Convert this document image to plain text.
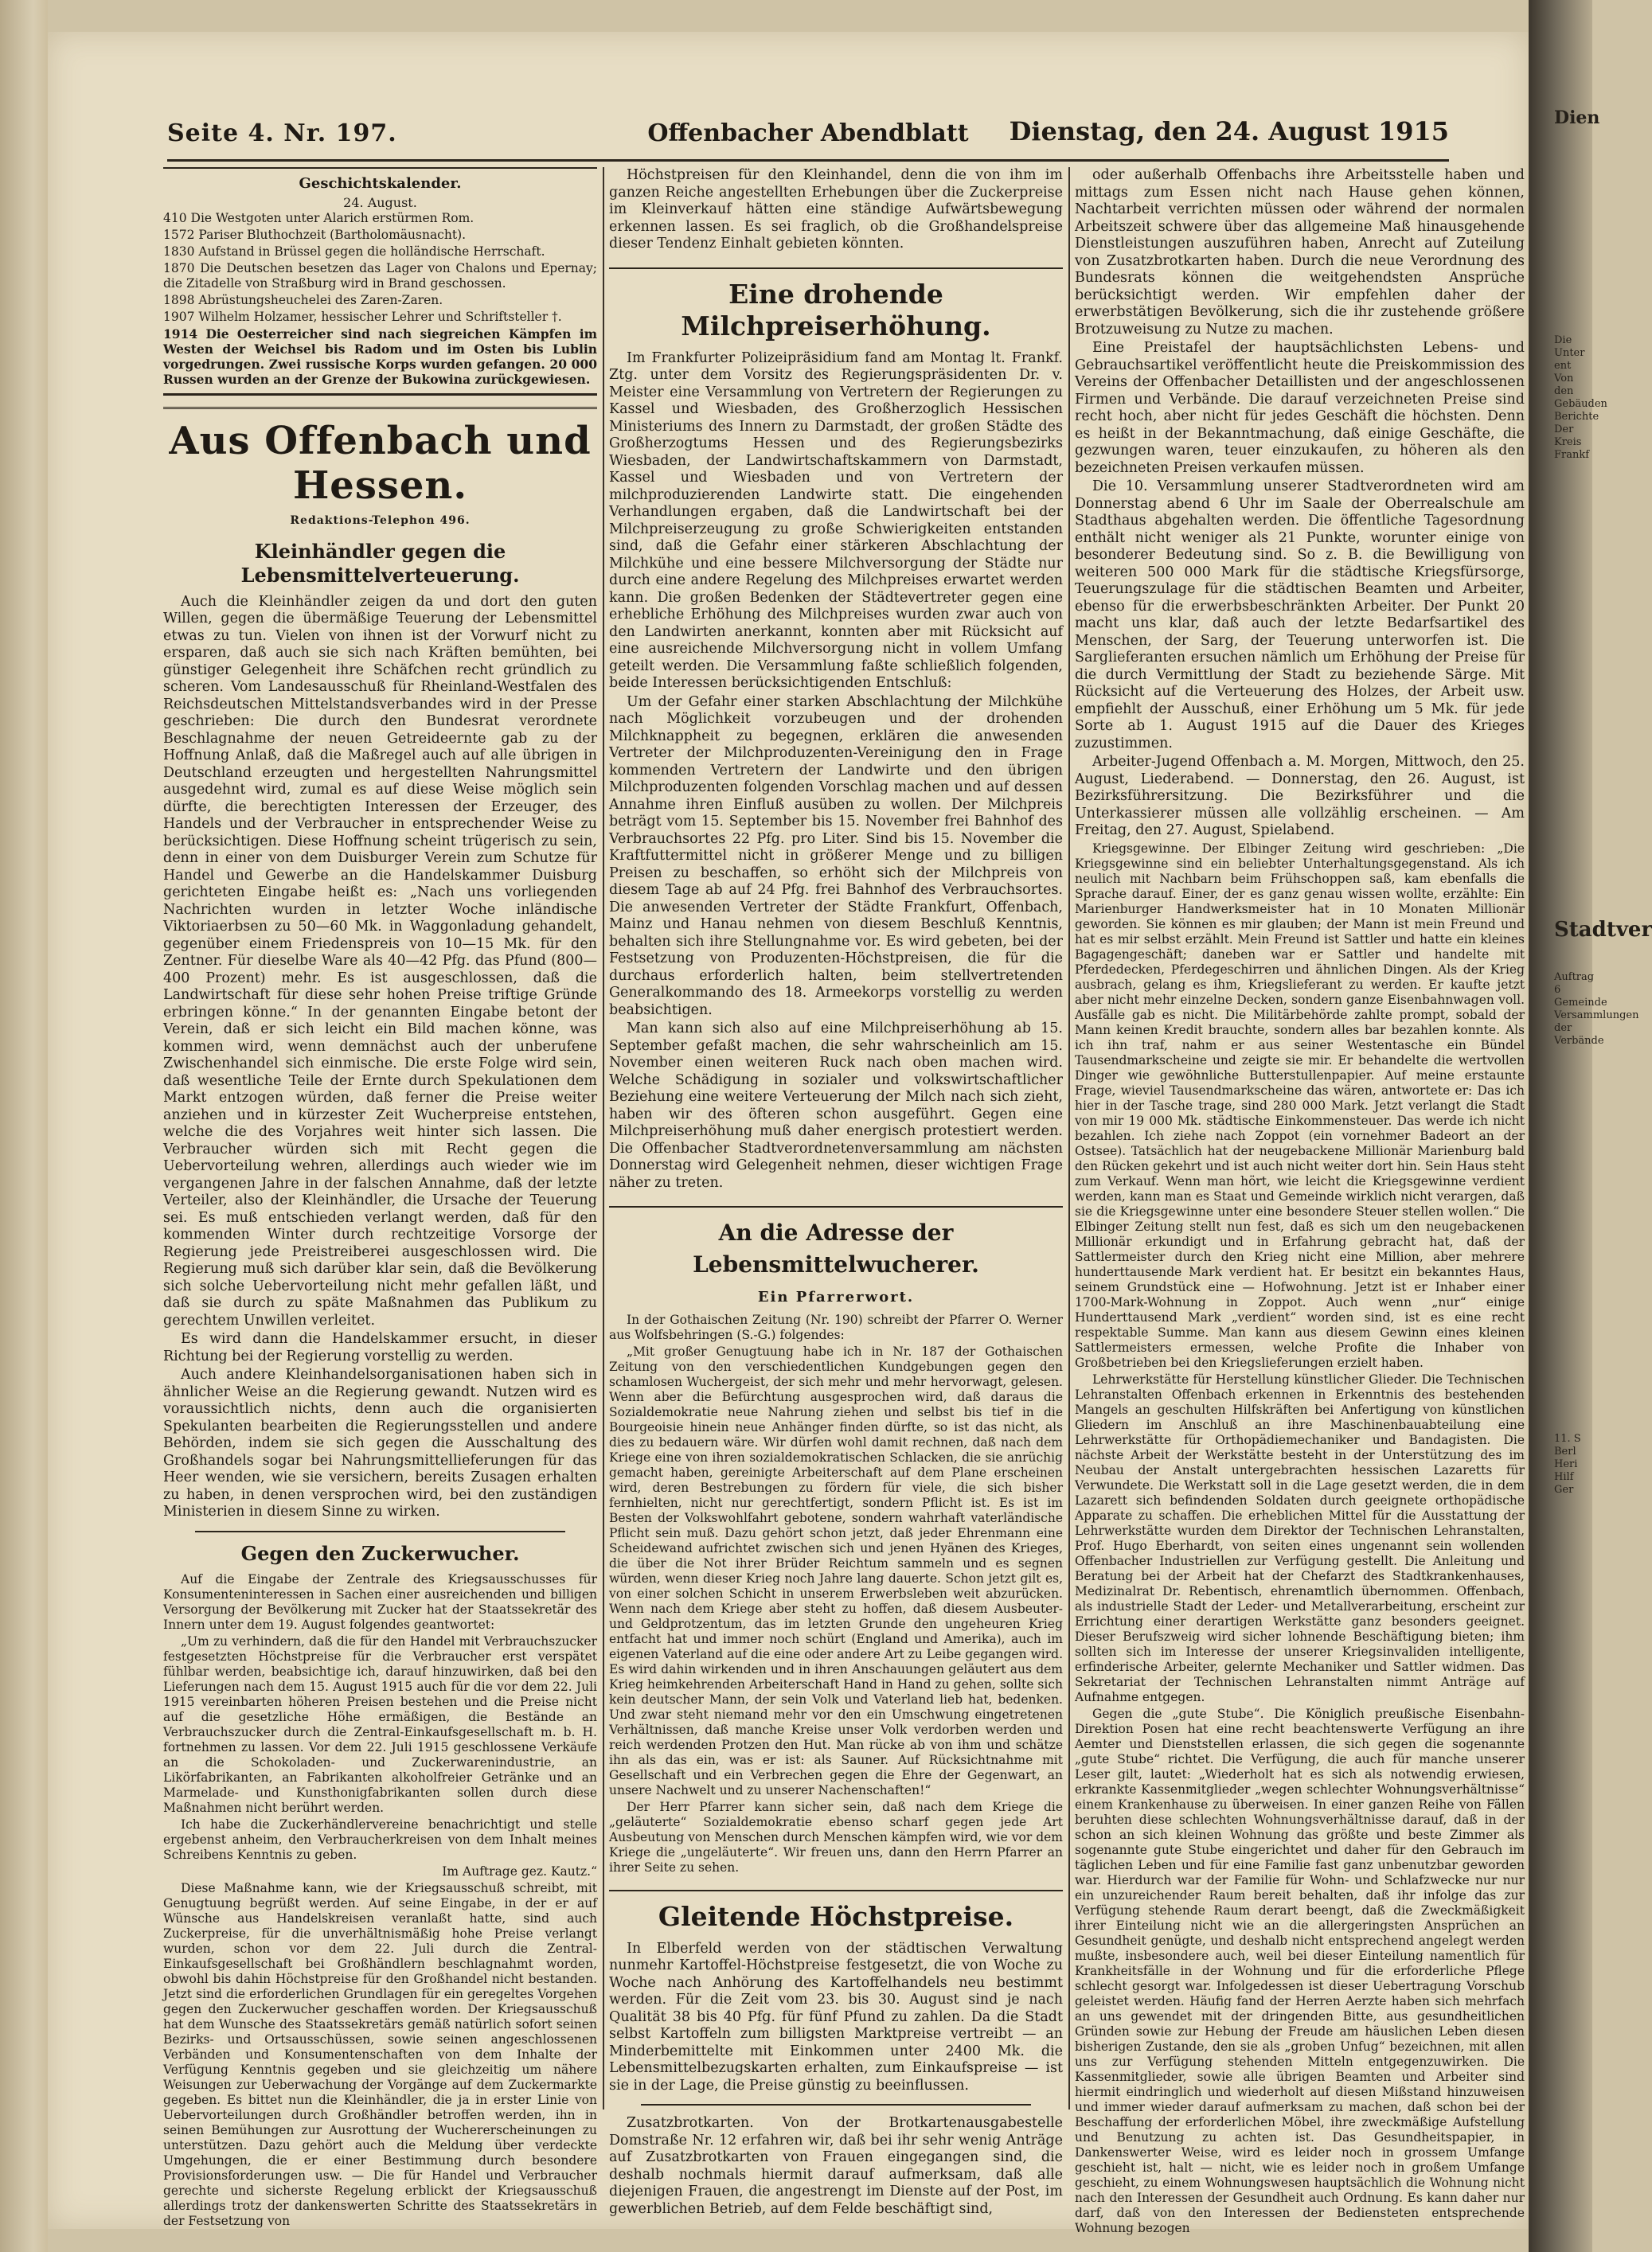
Dien
Die Unter ent Von den Gebäuden Berichte Der Kreis Frankf
Stadtver
Auftrag 6 Gemeinde Versammlungen der Verbände
11. S Berl Heri Hilf Ger
Seite 4. Nr. 197.	Offenbacher Abendblatt	Dienstag, den 24. August 1915
Geschichtskalender.
24. August.

410 Die Westgoten unter Alarich erstürmen Rom.

1572 Pariser Bluthochzeit (Bartholomäusnacht).

1830 Aufstand in Brüssel gegen die holländische Herrschaft.

1870 Die Deutschen besetzen das Lager von Chalons und Epernay; die Zitadelle von Straßburg wird in Brand geschossen.

1898 Abrüstungsheuchelei des Zaren-Zaren.

1907 Wilhelm Holzamer, hessischer Lehrer und Schriftsteller †.

1914 Die Oesterreicher sind nach siegreichen Kämpfen im Westen der Weichsel bis Radom und im Osten bis Lublin vorgedrungen. Zwei russische Korps wurden gefangen. 20 000 Russen wurden an der Grenze der Bukowina zurückgewiesen.

Aus Offenbach und Hessen.
Redaktions-Telephon 496.
Kleinhändler gegen die Lebensmittelverteuerung.

Auch die Kleinhändler zeigen da und dort den guten Willen, gegen die übermäßige Teuerung der Lebensmittel etwas zu tun. Vielen von ihnen ist der Vorwurf nicht zu ersparen, daß auch sie sich nach Kräften bemühten, bei günstiger Gelegenheit ihre Schäfchen recht gründlich zu scheren. Vom Landesausschuß für Rheinland-Westfalen des Reichsdeutschen Mittelstandsverbandes wird in der Presse geschrieben: Die durch den Bundesrat verordnete Beschlagnahme der neuen Getreideernte gab zu der Hoffnung Anlaß, daß die Maßregel auch auf alle übrigen in Deutschland erzeugten und hergestellten Nahrungsmittel ausgedehnt wird, zumal es auf diese Weise möglich sein dürfte, die berechtigten Interessen der Erzeuger, des Handels und der Verbraucher in entsprechender Weise zu berücksichtigen. Diese Hoffnung scheint trügerisch zu sein, denn in einer von dem Duisburger Verein zum Schutze für Handel und Gewerbe an die Handelskammer Duisburg gerichteten Eingabe heißt es: „Nach uns vorliegenden Nachrichten wurden in letzter Woche inländische Viktoriaerbsen zu 50—60 Mk. in Waggonladung gehandelt, gegenüber einem Friedenspreis von 10—15 Mk. für den Zentner. Für dieselbe Ware als 40—42 Pfg. das Pfund (800—400 Prozent) mehr. Es ist ausgeschlossen, daß die Landwirtschaft für diese sehr hohen Preise triftige Gründe erbringen könne.“ In der genannten Eingabe betont der Verein, daß er sich leicht ein Bild machen könne, was kommen wird, wenn demnächst auch der unberufene Zwischenhandel sich einmische. Die erste Folge wird sein, daß wesentliche Teile der Ernte durch Spekulationen dem Markt entzogen würden, daß ferner die Preise weiter anziehen und in kürzester Zeit Wucherpreise entstehen, welche die des Vorjahres weit hinter sich lassen. Die Verbraucher würden sich mit Recht gegen die Uebervorteilung wehren, allerdings auch wieder wie im vergangenen Jahre in der falschen Annahme, daß der letzte Verteiler, also der Kleinhändler, die Ursache der Teuerung sei. Es muß entschieden verlangt werden, daß für den kommenden Winter durch rechtzeitige Vorsorge der Regierung jede Preistreiberei ausgeschlossen wird. Die Regierung muß sich darüber klar sein, daß die Bevölkerung sich solche Uebervorteilung nicht mehr gefallen läßt, und daß sie durch zu späte Maßnahmen das Publikum zu gerechtem Unwillen verleitet.

Es wird dann die Handelskammer ersucht, in dieser Richtung bei der Regierung vorstellig zu werden.

Auch andere Kleinhandelsorganisationen haben sich in ähnlicher Weise an die Regierung gewandt. Nutzen wird es voraussichtlich nichts, denn auch die organisierten Spekulanten bearbeiten die Regierungsstellen und andere Behörden, indem sie sich gegen die Ausschaltung des Großhandels sogar bei Nahrungsmittellieferungen für das Heer wenden, wie sie versichern, bereits Zusagen erhalten zu haben, in denen versprochen wird, bei den zuständigen Ministerien in diesem Sinne zu wirken.

Gegen den Zuckerwucher.

Auf die Eingabe der Zentrale des Kriegsausschusses für Konsumenteninteressen in Sachen einer ausreichenden und billigen Versorgung der Bevölkerung mit Zucker hat der Staatssekretär des Innern unter dem 19. August folgendes geantwortet:

„Um zu verhindern, daß die für den Handel mit Verbrauchszucker festgesetzten Höchstpreise für die Verbraucher erst verspätet fühlbar werden, beabsichtige ich, darauf hinzuwirken, daß bei den Lieferungen nach dem 15. August 1915 auch für die vor dem 22. Juli 1915 vereinbarten höheren Preisen bestehen und die Preise nicht auf die gesetzliche Höhe ermäßigen, die Bestände an Verbrauchszucker durch die Zentral-Einkaufsgesellschaft m. b. H. fortnehmen zu lassen. Vor dem 22. Juli 1915 geschlossene Verkäufe an die Schokoladen- und Zuckerwarenindustrie, an Likörfabrikanten, an Fabrikanten alkoholfreier Getränke und an Marmelade- und Kunsthonigfabrikanten sollen durch diese Maßnahmen nicht berührt werden.

Ich habe die Zuckerhändlervereine benachrichtigt und stelle ergebenst anheim, den Verbraucherkreisen von dem Inhalt meines Schreibens Kenntnis zu geben.

Im Auftrage gez. Kautz.“

Diese Maßnahme kann, wie der Kriegsausschuß schreibt, mit Genugtuung begrüßt werden. Auf seine Eingabe, in der er auf Wünsche aus Handelskreisen veranlaßt hatte, sind auch Zuckerpreise, für die unverhältnismäßig hohe Preise verlangt wurden, schon vor dem 22. Juli durch die Zentral-Einkaufsgesellschaft bei Großhändlern beschlagnahmt worden, obwohl bis dahin Höchstpreise für den Großhandel nicht bestanden. Jetzt sind die erforderlichen Grundlagen für ein geregeltes Vorgehen gegen den Zuckerwucher geschaffen worden. Der Kriegsausschuß hat dem Wunsche des Staatssekretärs gemäß natürlich sofort seinen Bezirks- und Ortsausschüssen, sowie seinen angeschlossenen Verbänden und Konsumentenschaften von dem Inhalte der Verfügung Kenntnis gegeben und sie gleichzeitig um nähere Weisungen zur Ueberwachung der Vorgänge auf dem Zuckermarkte gegeben. Es bittet nun die Kleinhändler, die ja in erster Linie von Uebervorteilungen durch Großhändler betroffen werden, ihn in seinen Bemühungen zur Ausrottung der Wuchererscheinungen zu unterstützen. Dazu gehört auch die Meldung über verdeckte Umgehungen, die er einer Bestimmung durch besondere Provisionsforderungen usw. — Die für Handel und Verbraucher gerechte und sicherste Regelung erblickt der Kriegsausschuß allerdings trotz der dankenswerten Schritte des Staatssekretärs in der Festsetzung von

Höchstpreisen für den Kleinhandel, denn die von ihm im ganzen Reiche angestellten Erhebungen über die Zuckerpreise im Kleinverkauf hätten eine ständige Aufwärtsbewegung erkennen lassen. Es sei fraglich, ob die Großhandelspreise dieser Tendenz Einhalt gebieten könnten.

Eine drohende Milchpreiserhöhung.

Im Frankfurter Polizeipräsidium fand am Montag lt. Frankf. Ztg. unter dem Vorsitz des Regierungspräsidenten Dr. v. Meister eine Versammlung von Vertretern der Regierungen zu Kassel und Wiesbaden, des Großherzoglich Hessischen Ministeriums des Innern zu Darmstadt, der großen Städte des Großherzogtums Hessen und des Regierungsbezirks Wiesbaden, der Landwirtschaftskammern von Darmstadt, Kassel und Wiesbaden und von Vertretern der milchproduzierenden Landwirte statt. Die eingehenden Verhandlungen ergaben, daß die Landwirtschaft bei der Milchpreiserzeugung zu große Schwierigkeiten entstanden sind, daß die Gefahr einer stärkeren Abschlachtung der Milchkühe und eine bessere Milchversorgung der Städte nur durch eine andere Regelung des Milchpreises erwartet werden kann. Die großen Bedenken der Städtevertreter gegen eine erhebliche Erhöhung des Milchpreises wurden zwar auch von den Landwirten anerkannt, konnten aber mit Rücksicht auf eine ausreichende Milchversorgung nicht in vollem Umfang geteilt werden. Die Versammlung faßte schließlich folgenden, beide Interessen berücksichtigenden Entschluß:

Um der Gefahr einer starken Abschlachtung der Milchkühe nach Möglichkeit vorzubeugen und der drohenden Milchknappheit zu begegnen, erklären die anwesenden Vertreter der Milchproduzenten-Vereinigung den in Frage kommenden Vertretern der Landwirte und den übrigen Milchproduzenten folgenden Vorschlag machen und auf dessen Annahme ihren Einfluß ausüben zu wollen. Der Milchpreis beträgt vom 15. September bis 15. November frei Bahnhof des Verbrauchsortes 22 Pfg. pro Liter. Sind bis 15. November die Kraftfuttermittel nicht in größerer Menge und zu billigen Preisen zu beschaffen, so erhöht sich der Milchpreis von diesem Tage ab auf 24 Pfg. frei Bahnhof des Verbrauchsortes. Die anwesenden Vertreter der Städte Frankfurt, Offenbach, Mainz und Hanau nehmen von diesem Beschluß Kenntnis, behalten sich ihre Stellungnahme vor. Es wird gebeten, bei der Festsetzung von Produzenten-Höchstpreisen, die für die durchaus erforderlich halten, beim stellvertretenden Generalkommando des 18. Armeekorps vorstellig zu werden beabsichtigen.

Man kann sich also auf eine Milchpreiserhöhung ab 15. September gefaßt machen, die sehr wahrscheinlich am 15. November einen weiteren Ruck nach oben machen wird. Welche Schädigung in sozialer und volkswirtschaftlicher Beziehung eine weitere Verteuerung der Milch nach sich zieht, haben wir des öfteren schon ausgeführt. Gegen eine Milchpreiserhöhung muß daher energisch protestiert werden. Die Offenbacher Stadtverordnetenversammlung am nächsten Donnerstag wird Gelegenheit nehmen, dieser wichtigen Frage näher zu treten.

An die Adresse der Lebensmittelwucherer.
Ein Pfarrerwort.

In der Gothaischen Zeitung (Nr. 190) schreibt der Pfarrer O. Werner aus Wolfsbehringen (S.-G.) folgendes:

„Mit großer Genugtuung habe ich in Nr. 187 der Gothaischen Zeitung von den verschiedentlichen Kundgebungen gegen den schamlosen Wuchergeist, der sich mehr und mehr hervorwagt, gelesen. Wenn aber die Befürchtung ausgesprochen wird, daß daraus die Sozialdemokratie neue Nahrung ziehen und selbst bis tief in die Bourgeoisie hinein neue Anhänger finden dürfte, so ist das nicht, als dies zu bedauern wäre. Wir dürfen wohl damit rechnen, daß nach dem Kriege eine von ihren sozialdemokratischen Schlacken, die sie anrüchig gemacht haben, gereinigte Arbeiterschaft auf dem Plane erscheinen wird, deren Bestrebungen zu fördern für viele, die sich bisher fernhielten, nicht nur gerechtfertigt, sondern Pflicht ist. Es ist im Besten der Volkswohlfahrt gebotene, sondern wahrhaft vaterländische Pflicht sein muß. Dazu gehört schon jetzt, daß jeder Ehrenmann eine Scheidewand aufrichtet zwischen sich und jenen Hyänen des Krieges, die über die Not ihrer Brüder Reichtum sammeln und es segnen würden, wenn dieser Krieg noch Jahre lang dauerte. Schon jetzt gilt es, von einer solchen Schicht in unserem Erwerbsleben weit abzurücken. Wenn nach dem Kriege aber steht zu hoffen, daß diesem Ausbeuter- und Geldprotzentum, das im letzten Grunde den ungeheuren Krieg entfacht hat und immer noch schürt (England und Amerika), auch im eigenen Vaterland auf die eine oder andere Art zu Leibe gegangen wird. Es wird dahin wirkenden und in ihren Anschauungen geläutert aus dem Krieg heimkehrenden Arbeiterschaft Hand in Hand zu gehen, sollte sich kein deutscher Mann, der sein Volk und Vaterland lieb hat, bedenken. Und zwar steht niemand mehr vor den ein Umschwung eingetretenen Verhältnissen, daß manche Kreise unser Volk verdorben werden und reich werdenden Protzen den Hut. Man rücke ab von ihm und schätze ihn als das ein, was er ist: als Sauner. Auf Rücksichtnahme mit Gesellschaft und ein Verbrechen gegen die Ehre der Gegenwart, an unsere Nachwelt und zu unserer Nachenschaften!“

Der Herr Pfarrer kann sicher sein, daß nach dem Kriege die „geläuterte“ Sozialdemokratie ebenso scharf gegen jede Art Ausbeutung von Menschen durch Menschen kämpfen wird, wie vor dem Kriege die „ungeläuterte“. Wir freuen uns, dann den Herrn Pfarrer an ihrer Seite zu sehen.

Gleitende Höchstpreise.

In Elberfeld werden von der städtischen Verwaltung nunmehr Kartoffel-Höchstpreise festgesetzt, die von Woche zu Woche nach Anhörung des Kartoffelhandels neu bestimmt werden. Für die Zeit vom 23. bis 30. August sind je nach Qualität 38 bis 40 Pfg. für fünf Pfund zu zahlen. Da die Stadt selbst Kartoffeln zum billigsten Marktpreise vertreibt — an Minderbemittelte mit Einkommen unter 2400 Mk. die Lebensmittelbezugskarten erhalten, zum Einkaufspreise — ist sie in der Lage, die Preise günstig zu beeinflussen.

Zusatzbrotkarten. Von der Brotkartenausgabestelle Domstraße Nr. 12 erfahren wir, daß bei ihr sehr wenig Anträge auf Zusatzbrotkarten von Frauen eingegangen sind, die deshalb nochmals hiermit darauf aufmerksam, daß alle diejenigen Frauen, die angestrengt im Dienste auf der Post, im gewerblichen Betrieb, auf dem Felde beschäftigt sind,

oder außerhalb Offenbachs ihre Arbeitsstelle haben und mittags zum Essen nicht nach Hause gehen können, Nachtarbeit verrichten müssen oder während der normalen Arbeitszeit schwere über das allgemeine Maß hinausgehende Dienstleistungen auszuführen haben, Anrecht auf Zuteilung von Zusatzbrotkarten haben. Durch die neue Verordnung des Bundesrats können die weitgehendsten Ansprüche berücksichtigt werden. Wir empfehlen daher der erwerbstätigen Bevölkerung, sich die ihr zustehende größere Brotzuweisung zu Nutze zu machen.

Eine Preistafel der hauptsächlichsten Lebens- und Gebrauchsartikel veröffentlicht heute die Preiskommission des Vereins der Offenbacher Detaillisten und der angeschlossenen Firmen und Verbände. Die darauf verzeichneten Preise sind recht hoch, aber nicht für jedes Geschäft die höchsten. Denn es heißt in der Bekanntmachung, daß einige Geschäfte, die gezwungen waren, teuer einzukaufen, zu höheren als den bezeichneten Preisen verkaufen müssen.

Die 10. Versammlung unserer Stadtverordneten wird am Donnerstag abend 6 Uhr im Saale der Oberrealschule am Stadthaus abgehalten werden. Die öffentliche Tagesordnung enthält nicht weniger als 21 Punkte, worunter einige von besonderer Bedeutung sind. So z. B. die Bewilligung von weiteren 500 000 Mark für die städtische Kriegsfürsorge, Teuerungszulage für die städtischen Beamten und Arbeiter, ebenso für die erwerbsbeschränkten Arbeiter. Der Punkt 20 macht uns klar, daß auch der letzte Bedarfsartikel des Menschen, der Sarg, der Teuerung unterworfen ist. Die Sarglieferanten ersuchen nämlich um Erhöhung der Preise für die durch Vermittlung der Stadt zu beziehende Särge. Mit Rücksicht auf die Verteuerung des Holzes, der Arbeit usw. empfiehlt der Ausschuß, einer Erhöhung um 5 Mk. für jede Sorte ab 1. August 1915 auf die Dauer des Krieges zuzustimmen.

Arbeiter-Jugend Offenbach a. M. Morgen, Mittwoch, den 25. August, Liederabend. — Donnerstag, den 26. August, ist Bezirksführersitzung. Die Bezirksführer und die Unterkassierer müssen alle vollzählig erscheinen. — Am Freitag, den 27. August, Spielabend.

Kriegsgewinne. Der Elbinger Zeitung wird geschrieben: „Die Kriegsgewinne sind ein beliebter Unterhaltungsgegenstand. Als ich neulich mit Nachbarn beim Frühschoppen saß, kam ebenfalls die Sprache darauf. Einer, der es ganz genau wissen wollte, erzählte: Ein Marienburger Handwerksmeister hat in 10 Monaten Millionär geworden. Sie können es mir glauben; der Mann ist mein Freund und hat es mir selbst erzählt. Mein Freund ist Sattler und hatte ein kleines Bagagengeschäft; daneben war er Sattler und handelte mit Pferdedecken, Pferdegeschirren und ähnlichen Dingen. Als der Krieg ausbrach, gelang es ihm, Kriegslieferant zu werden. Er kaufte jetzt aber nicht mehr einzelne Decken, sondern ganze Eisenbahnwagen voll. Ausfälle gab es nicht. Die Militärbehörde zahlte prompt, sobald der Mann keinen Kredit brauchte, sondern alles bar bezahlen konnte. Als ich ihn traf, nahm er aus seiner Westentasche ein Bündel Tausendmarkscheine und zeigte sie mir. Er behandelte die wertvollen Dinger wie gewöhnliche Butterstullenpapier. Auf meine erstaunte Frage, wieviel Tausendmarkscheine das wären, antwortete er: Das ich hier in der Tasche trage, sind 280 000 Mark. Jetzt verlangt die Stadt von mir 19 000 Mk. städtische Einkommensteuer. Das werde ich nicht bezahlen. Ich ziehe nach Zoppot (ein vornehmer Badeort an der Ostsee). Tatsächlich hat der neugebackene Millionär Marienburg bald den Rücken gekehrt und ist auch nicht weiter dort hin. Sein Haus steht zum Verkauf. Wenn man hört, wie leicht die Kriegsgewinne verdient werden, kann man es Staat und Gemeinde wirklich nicht verargen, daß sie die Kriegsgewinne unter eine besondere Steuer stellen wollen.“ Die Elbinger Zeitung stellt nun fest, daß es sich um den neugebackenen Millionär erkundigt und in Erfahrung gebracht hat, daß der Sattlermeister durch den Krieg nicht eine Million, aber mehrere hunderttausende Mark verdient hat. Er besitzt ein bekanntes Haus, seinem Grundstück eine — Hofwohnung. Jetzt ist er Inhaber einer 1700-Mark-Wohnung in Zoppot. Auch wenn „nur“ einige Hunderttausend Mark „verdient“ worden sind, ist es eine recht respektable Summe. Man kann aus diesem Gewinn eines kleinen Sattlermeisters ermessen, welche Profite die Inhaber von Großbetrieben bei den Kriegslieferungen erzielt haben.

Lehrwerkstätte für Herstellung künstlicher Glieder. Die Technischen Lehranstalten Offenbach erkennen in Erkenntnis des bestehenden Mangels an geschulten Hilfskräften bei Anfertigung von künstlichen Gliedern im Anschluß an ihre Maschinenbauabteilung eine Lehrwerkstätte für Orthopädiemechaniker und Bandagisten. Die nächste Arbeit der Werkstätte besteht in der Unterstützung des im Neubau der Anstalt untergebrachten hessischen Lazaretts für Verwundete. Die Werkstatt soll in die Lage gesetzt werden, die in dem Lazarett sich befindenden Soldaten durch geeignete orthopädische Apparate zu schaffen. Die erheblichen Mittel für die Ausstattung der Lehrwerkstätte wurden dem Direktor der Technischen Lehranstalten, Prof. Hugo Eberhardt, von seiten eines ungenannt sein wollenden Offenbacher Industriellen zur Verfügung gestellt. Die Anleitung und Beratung bei der Arbeit hat der Chefarzt des Stadtkrankenhauses, Medizinalrat Dr. Rebentisch, ehrenamtlich übernommen. Offenbach, als industrielle Stadt der Leder- und Metallverarbeitung, erscheint zur Errichtung einer derartigen Werkstätte ganz besonders geeignet. Dieser Berufszweig wird sicher lohnende Beschäftigung bieten; ihm sollten sich im Interesse der unserer Kriegsinvaliden intelligente, erfinderische Arbeiter, gelernte Mechaniker und Sattler widmen. Das Sekretariat der Technischen Lehranstalten nimmt Anträge auf Aufnahme entgegen.

Gegen die „gute Stube“. Die Königlich preußische Eisenbahn-Direktion Posen hat eine recht beachtenswerte Verfügung an ihre Aemter und Dienststellen erlassen, die sich gegen die sogenannte „gute Stube“ richtet. Die Verfügung, die auch für manche unserer Leser gilt, lautet: „Wiederholt hat es sich als notwendig erwiesen, erkrankte Kassenmitglieder „wegen schlechter Wohnungsverhältnisse“ einem Krankenhause zu überweisen. In einer ganzen Reihe von Fällen beruhten diese schlechten Wohnungsverhältnisse darauf, daß in der schon an sich kleinen Wohnung das größte und beste Zimmer als sogenannte gute Stube eingerichtet und daher für den Gebrauch im täglichen Leben und für eine Familie fast ganz unbenutzbar geworden war. Hierdurch war der Familie für Wohn- und Schlafzwecke nur nur ein unzureichender Raum bereit behalten, daß ihr infolge das zur Verfügung stehende Raum derart beengt, daß die Zweckmäßigkeit ihrer Einteilung nicht wie an die allergeringsten Ansprüchen an Gesundheit genügte, und deshalb nicht entsprechend angelegt werden mußte, insbesondere auch, weil bei dieser Einteilung namentlich für Krankheitsfälle in der Wohnung und für die erforderliche Pflege schlecht gesorgt war. Infolgedessen ist dieser Uebertragung Vorschub geleistet werden. Häufig fand der Herren Aerzte haben sich mehrfach an uns gewendet mit der dringenden Bitte, aus gesundheitlichen Gründen sowie zur Hebung der Freude am häuslichen Leben diesen bisherigen Zustande, den sie als „groben Unfug“ bezeichnen, mit allen uns zur Verfügung stehenden Mitteln entgegenzuwirken. Die Kassenmitglieder, sowie alle übrigen Beamten und Arbeiter sind hiermit eindringlich und wiederholt auf diesen Mißstand hinzuweisen und immer wieder darauf aufmerksam zu machen, daß schon bei der Beschaffung der erforderlichen Möbel, ihre zweckmäßige Aufstellung und Benutzung zu achten ist. Das Gesundheitspapier, in Dankenswerter Weise, wird es leider noch in grossem Umfange geschieht ist, halt — nicht, wie es leider noch in großem Umfange geschieht, zu einem Wohnungswesen hauptsächlich die Wohnung nicht nach den Interessen der Gesundheit auch Ordnung. Es kann daher nur darf, daß von den Interessen der Bediensteten entsprechende Wohnung bezogen
